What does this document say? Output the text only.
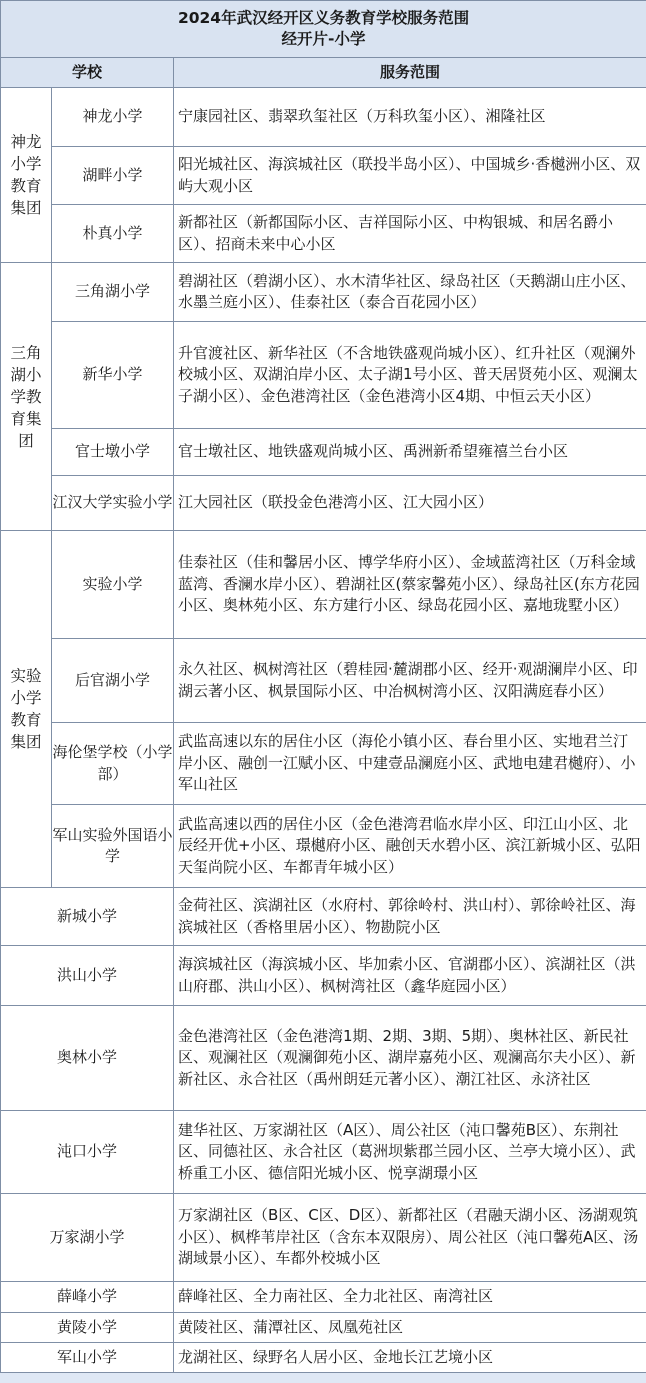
2024年武汉经开区义务教育学校服务范围
经开片-小学		

学校		服务范围
神龙小学教育集团	神龙小学	宁康园社区、翡翠玖玺社区（万科玖玺小区）、湘隆社区
	湖畔小学	阳光城社区、海滨城社区（联投半岛小区）、中国城乡·香樾洲小区、双屿大观小区
	朴真小学	新都社区（新都国际小区、吉祥国际小区、中构银城、和居名爵小区）、招商未来中心小区
三角湖小学教育集团	三角湖小学	碧湖社区（碧湖小区）、水木清华社区、绿岛社区（天鹅湖山庄小区、水墨兰庭小区）、佳泰社区（泰合百花园小区）
	新华小学	升官渡社区、新华社区（不含地铁盛观尚城小区）、红升社区（观澜外校城小区、双湖泊岸小区、太子湖1号小区、普天居贤苑小区、观澜太子湖小区）、金色港湾社区（金色港湾小区4期、中恒云天小区）
	官士墩小学	官士墩社区、地铁盛观尚城小区、禹洲新希望雍禧兰台小区
	江汉大学实验小学	江大园社区（联投金色港湾小区、江大园小区）
实验小学教育集团	实验小学	佳泰社区（佳和馨居小区、博学华府小区）、金域蓝湾社区（万科金域蓝湾、香澜水岸小区）、碧湖社区(蔡家馨苑小区）、绿岛社区(东方花园小区、奥林苑小区、东方建行小区、绿岛花园小区、嘉地珑墅小区）
	后官湖小学	永久社区、枫树湾社区（碧桂园·麓湖郡小区、经开·观湖澜岸小区、印湖云著小区、枫景国际小区、中冶枫树湾小区、汉阳满庭春小区）
	海伦堡学校（小学部）	武监高速以东的居住小区（海伦小镇小区、春台里小区、实地君兰汀岸小区、融创一江赋小区、中建壹品澜庭小区、武地电建君樾府）、小军山社区
	军山实验外国语小学	武监高速以西的居住小区（金色港湾君临水岸小区、印江山小区、北辰经开优+小区、璟樾府小区、融创天水碧小区、滨江新城小区、弘阳天玺尚院小区、车都青年城小区）
新城小学		金荷社区、滨湖社区（水府村、郭徐岭村、洪山村）、郭徐岭社区、海滨城社区（香格里居小区）、物勘院小区
洪山小学		海滨城社区（海滨城小区、毕加索小区、官湖郡小区）、滨湖社区（洪山府郡、洪山小区）、枫树湾社区（鑫华庭园小区）
奥林小学		金色港湾社区（金色港湾1期、2期、3期、5期）、奥林社区、新民社区、观澜社区（观澜御苑小区、湖岸嘉苑小区、观澜高尔夫小区）、新新社区、永合社区（禹州朗廷元著小区）、潮江社区、永济社区
沌口小学		建华社区、万家湖社区（A区）、周公社区（沌口馨苑B区）、东荆社区、同德社区、永合社区（葛洲坝紫郡兰园小区、兰亭大境小区）、武桥重工小区、德信阳光城小区、悦享湖璟小区
万家湖小学		万家湖社区（B区、C区、D区）、新都社区（君融天湖小区、汤湖观筑小区）、枫桦苇岸社区（含东本双限房）、周公社区（沌口馨苑A区、汤湖域景小区）、车都外校城小区
薛峰小学		薛峰社区、全力南社区、全力北社区、南湾社区
黄陵小学		黄陵社区、蒲潭社区、凤凰苑社区
军山小学		龙湖社区、绿野名人居小区、金地长江艺境小区
